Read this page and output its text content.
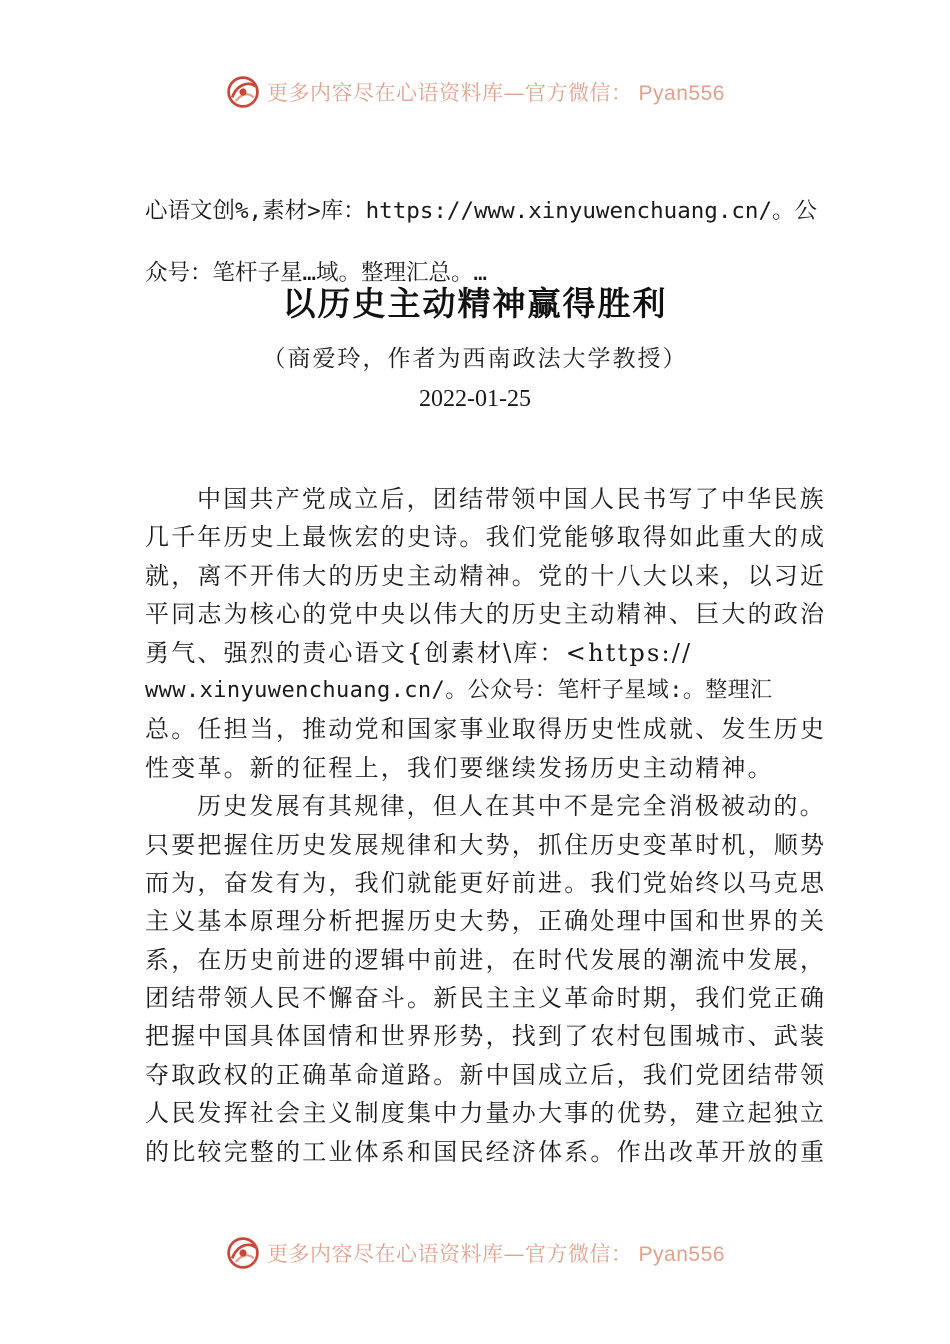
更多内容尽在心语资料库—官方微信： Pyan556

心语文创%,素材>库：https://www.xinyuwenchuang.cn/。公

众号：笔杆子星…域。整理汇总。…

以历史主动精神赢得胜利
（商爱玲，作者为西南政法大学教授）
2022-01-25
中国共产党成立后，团结带领中国人民书写了中华民族
几千年历史上最恢宏的史诗。我们党能够取得如此重大的成
就，离不开伟大的历史主动精神。党的十八大以来，以习近
平同志为核心的党中央以伟大的历史主动精神、巨大的政治
勇气、强烈的责心语文{创素材\库：<https://
www.xinyuwenchuang.cn/。公众号：笔杆子星域:。整理汇
总。任担当，推动党和国家事业取得历史性成就、发生历史
性变革。新的征程上，我们要继续发扬历史主动精神。
历史发展有其规律，但人在其中不是完全消极被动的。
只要把握住历史发展规律和大势，抓住历史变革时机，顺势
而为，奋发有为，我们就能更好前进。我们党始终以马克思
主义基本原理分析把握历史大势，正确处理中国和世界的关
系，在历史前进的逻辑中前进，在时代发展的潮流中发展，
团结带领人民不懈奋斗。新民主主义革命时期，我们党正确
把握中国具体国情和世界形势，找到了农村包围城市、武装
夺取政权的正确革命道路。新中国成立后，我们党团结带领
人民发挥社会主义制度集中力量办大事的优势，建立起独立
的比较完整的工业体系和国民经济体系。作出改革开放的重
更多内容尽在心语资料库—官方微信： Pyan556
